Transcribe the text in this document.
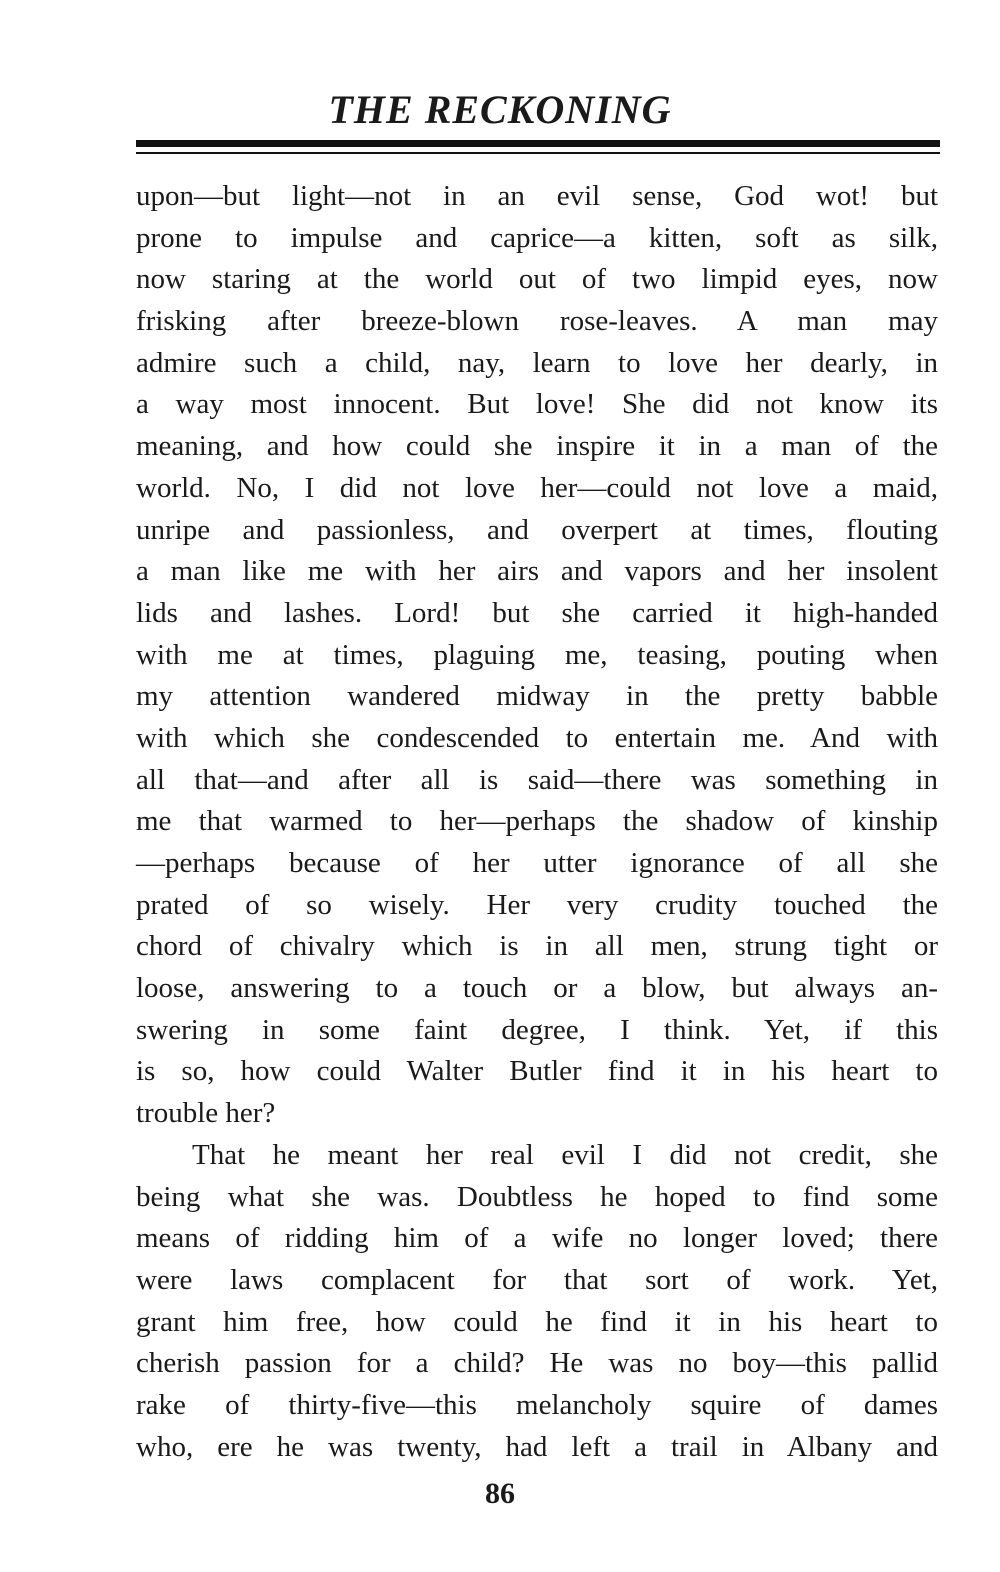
THE RECKONING
upon—but light—not in an evil sense, God wot! but
prone to impulse and caprice—a kitten, soft as silk,
now staring at the world out of two limpid eyes, now
frisking after breeze-blown rose-leaves. A man may
admire such a child, nay, learn to love her dearly, in
a way most innocent. But love! She did not know its
meaning, and how could she inspire it in a man of the
world. No, I did not love her—could not love a maid,
unripe and passionless, and overpert at times, flouting
a man like me with her airs and vapors and her insolent
lids and lashes. Lord! but she carried it high-handed
with me at times, plaguing me, teasing, pouting when
my attention wandered midway in the pretty babble
with which she condescended to entertain me. And with
all that—and after all is said—there was something in
me that warmed to her—perhaps the shadow of kinship
—perhaps because of her utter ignorance of all she
prated of so wisely. Her very crudity touched the
chord of chivalry which is in all men, strung tight or
loose, answering to a touch or a blow, but always an-
swering in some faint degree, I think. Yet, if this
is so, how could Walter Butler find it in his heart to
trouble her?
That he meant her real evil I did not credit, she
being what she was. Doubtless he hoped to find some
means of ridding him of a wife no longer loved; there
were laws complacent for that sort of work. Yet,
grant him free, how could he find it in his heart to
cherish passion for a child? He was no boy—this pallid
rake of thirty-five—this melancholy squire of dames
who, ere he was twenty, had left a trail in Albany and
86
